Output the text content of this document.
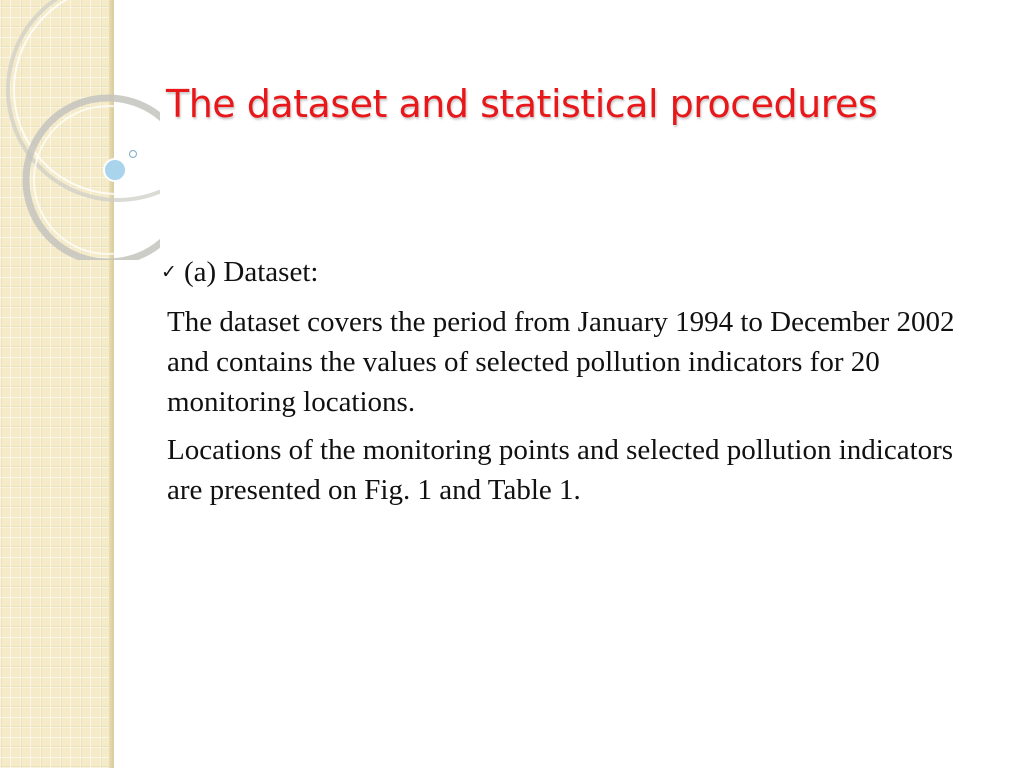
The dataset and statistical procedures
✓ (a) Dataset:

The dataset covers the period from January 1994 to December 2002 and contains the values of selected pollution indicators for 20 monitoring locations.

Locations of the monitoring points and selected pollution indicators are presented on Fig. 1 and Table 1.
